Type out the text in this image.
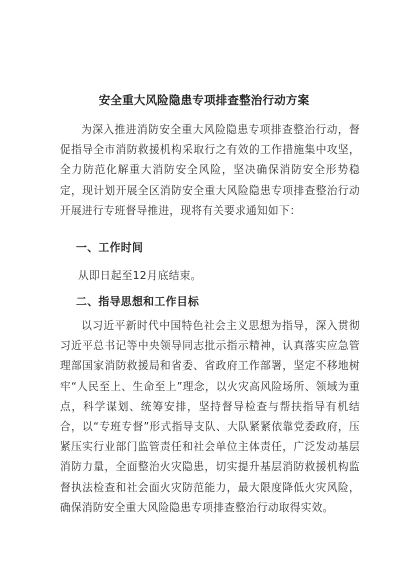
安全重大风险隐患专项排查整治行动方案

为深入推进消防安全重大风险隐患专项排查整治行动，督促指导全市消防救援机构采取行之有效的工作措施集中攻坚，全力防范化解重大消防安全风险，坚决确保消防安全形势稳定，现计划开展全区消防安全重大风险隐患专项排查整治行动开展进行专班督导推进，现将有关要求通知如下：

一、工作时间

从即日起至12月底结束。

二、指导思想和工作目标

以习近平新时代中国特色社会主义思想为指导，深入贯彻习近平总书记等中央领导同志批示指示精神，认真落实应急管理部国家消防救援局和省委、省政府工作部署，坚定不移地树牢“人民至上、生命至上”理念，以火灾高风险场所、领域为重点，科学谋划、统筹安排，坚持督导检查与帮扶指导有机结合，以“专班专督”形式指导支队、大队紧紧依靠党委政府，压紧压实行业部门监管责任和社会单位主体责任，广泛发动基层消防力量，全面整治火灾隐患，切实提升基层消防救援机构监督执法检查和社会面火灾防范能力，最大限度降低火灾风险，确保消防安全重大风险隐患专项排查整治行动取得实效。
